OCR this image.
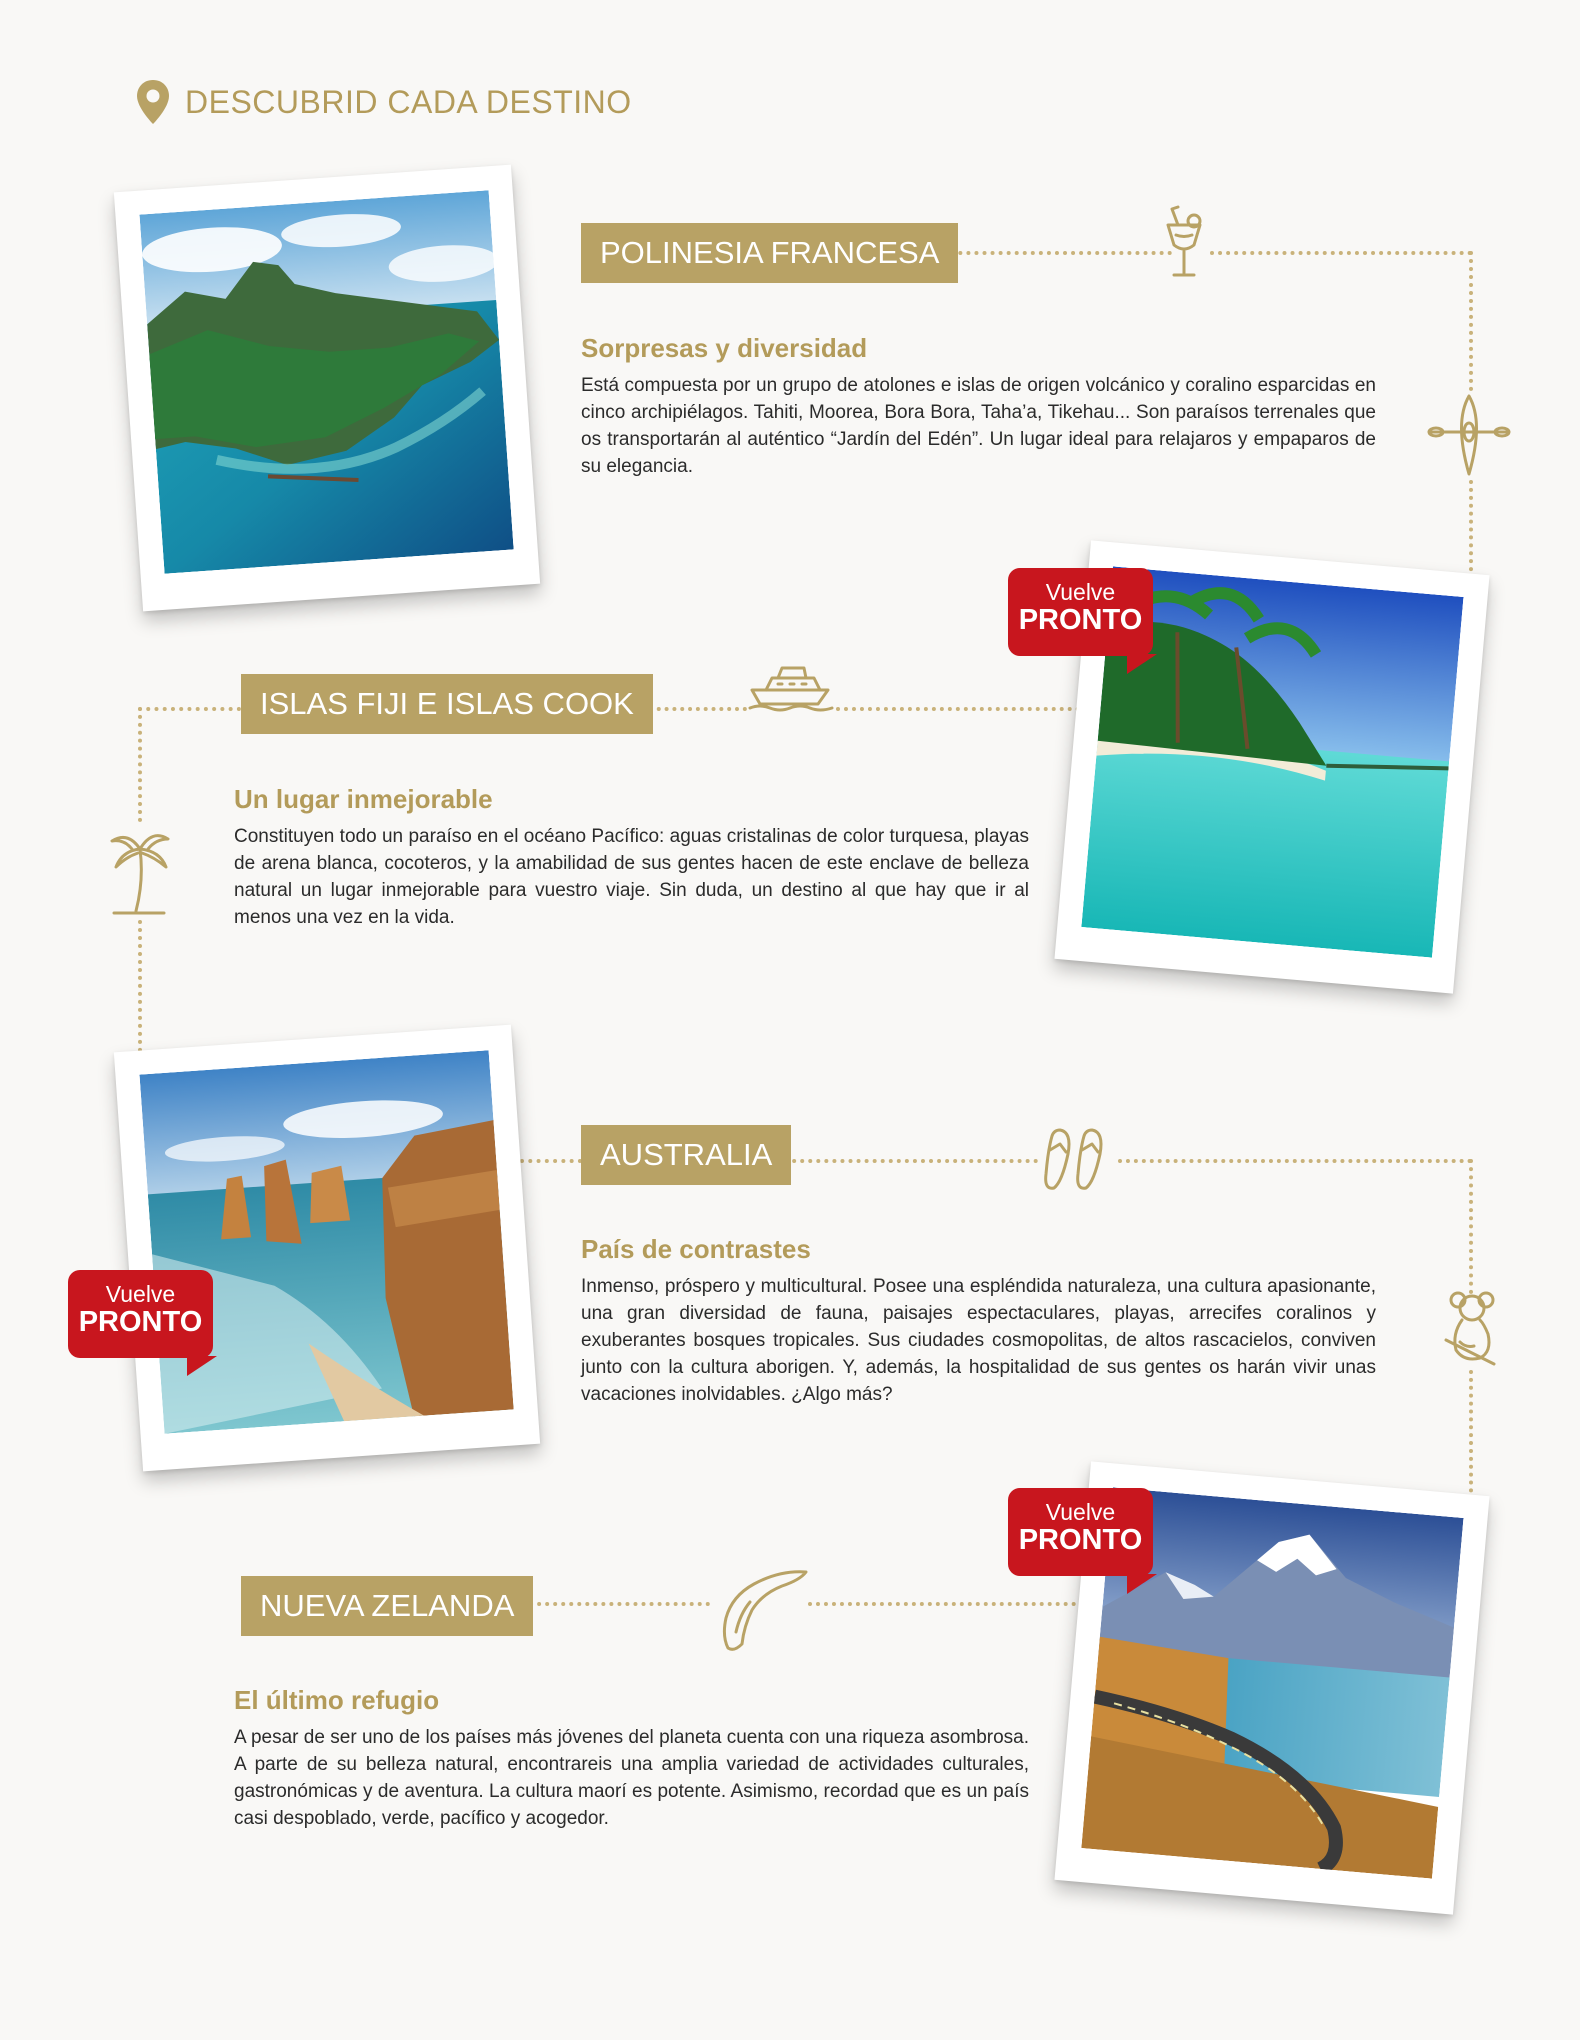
DESCUBRID CADA DESTINO
POLINESIA FRANCESA
Sorpresas y diversidad
Está compuesta por un grupo de atolones e islas de origen volcánico y coralino esparcidas en cinco archipiélagos. Tahiti, Moorea, Bora Bora, Taha’a, Tikehau... Son paraísos terrenales que os transportarán al auténtico “Jardín del Edén”. Un lugar ideal para relajaros y empaparos de su elegancia.
ISLAS FIJI E ISLAS COOK
Un lugar inmejorable
Constituyen todo un paraíso en el océano Pacífico: aguas cristalinas de color turquesa, playas de arena blanca, cocoteros, y la amabilidad de sus gentes hacen de este enclave de belleza natural un lugar inmejorable para vuestro viaje. Sin duda, un destino al que hay que ir al menos una vez en la vida.
Vuelve
PRONTO
AUSTRALIA
País de contrastes
Inmenso, próspero y multicultural. Posee una espléndida naturaleza, una cultura apasionante, una gran diversidad de fauna, paisajes espectaculares, playas, arrecifes coralinos y exuberantes bosques tropicales. Sus ciudades cosmopolitas, de altos rascacielos, conviven junto con la cultura aborigen. Y, además, la hospitalidad de sus gentes os harán vivir unas vacaciones inolvidables. ¿Algo más?
Vuelve
PRONTO
NUEVA ZELANDA
El último refugio
A pesar de ser uno de los países más jóvenes del planeta cuenta con una riqueza asombrosa. A parte de su belleza natural, encontrareis una amplia variedad de actividades culturales, gastronómicas y de aventura. La cultura maorí es potente. Asimismo, recordad que es un país casi despoblado, verde, pacífico y acogedor.
Vuelve
PRONTO
